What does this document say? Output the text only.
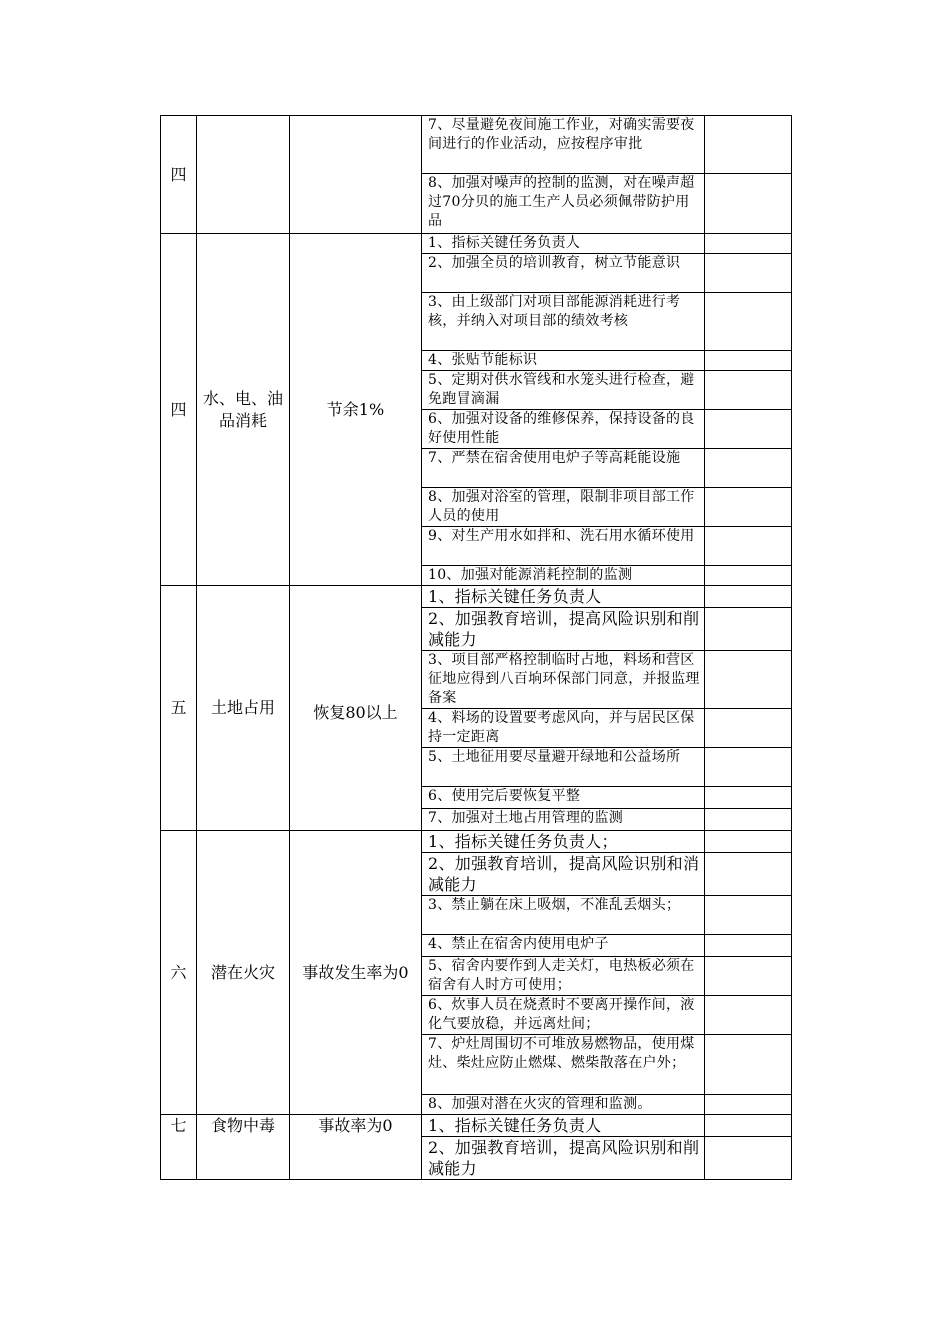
四			7、尽量避免夜间施工作业，对确实需要夜间进行的作业活动，应按程序审批	
			8、加强对噪声的控制的监测，对在噪声超过70分贝的施工生产人员必须佩带防护用品	
四	水、电、油品消耗	节余1%	1、指标关键任务负责人	
			2、加强全员的培训教育，树立节能意识	
			3、由上级部门对项目部能源消耗进行考核，并纳入对项目部的绩效考核	
			4、张贴节能标识	
			5、定期对供水管线和水笼头进行检查，避免跑冒滴漏	
			6、加强对设备的维修保养，保持设备的良好使用性能	
			7、严禁在宿舍使用电炉子等高耗能设施	
			8、加强对浴室的管理，限制非项目部工作人员的使用	
			9、对生产用水如拌和、洗石用水循环使用	
			10、加强对能源消耗控制的监测	
五	土地占用	恢复80以上	1、指标关键任务负责人	
			2、加强教育培训，提高风险识别和削减能力	
			3、项目部严格控制临时占地，料场和营区征地应得到八百垧环保部门同意，并报监理备案	
			4、料场的设置要考虑风向，并与居民区保持一定距离	
			5、土地征用要尽量避开绿地和公益场所	
			6、使用完后要恢复平整	
			7、加强对土地占用管理的监测	
六	潜在火灾	事故发生率为0	1、指标关键任务负责人；	
			2、加强教育培训，提高风险识别和消减能力	
			3、禁止躺在床上吸烟，不准乱丢烟头；	
			4、禁止在宿舍内使用电炉子	
			5、宿舍内要作到人走关灯，电热板必须在宿舍有人时方可使用；	
			6、炊事人员在烧煮时不要离开操作间，液化气要放稳，并远离灶间；	
			7、炉灶周围切不可堆放易燃物品，使用煤灶、柴灶应防止燃煤、燃柴散落在户外；	
			8、加强对潜在火灾的管理和监测。	
七	食物中毒	事故率为0	1、指标关键任务负责人	
			2、加强教育培训，提高风险识别和削减能力	
